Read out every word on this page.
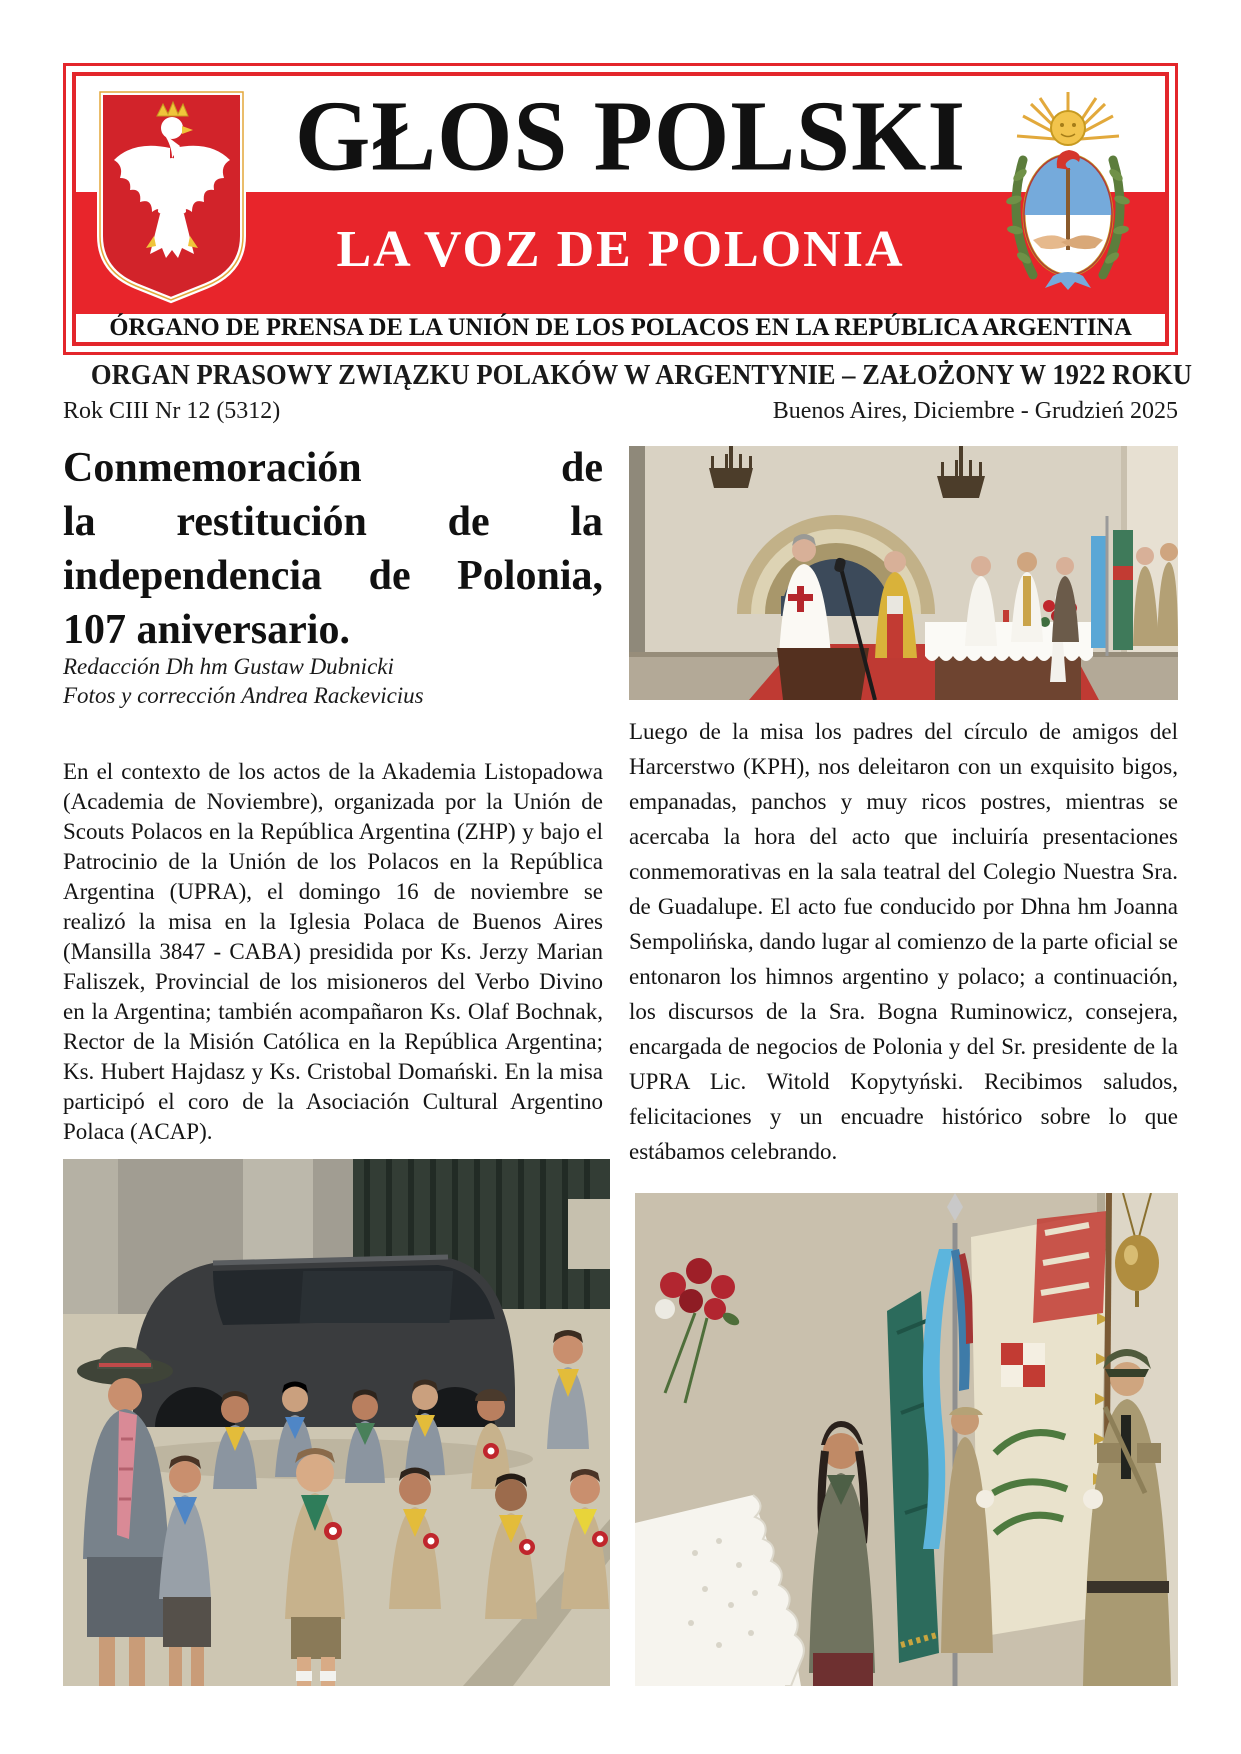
GŁOS POLSKI
LA VOZ DE POLONIA
ÓRGANO DE PRENSA DE LA UNIÓN DE LOS POLACOS EN LA REPÚBLICA ARGENTINA
ORGAN PRASOWY ZWIĄZKU POLAKÓW W ARGENTYNIE – ZAŁOŻONY W 1922 ROKU
Rok CIII Nr 12 (5312)	Buenos Aires, Diciembre - Grudzień 2025
Conmemoración de
la restitución de la
independencia de Polonia,
107 aniversario.
Redacción Dh hm Gustaw Dubnicki
Fotos y corrección Andrea Rackevicius
En el contexto de los actos de la Akademia Listopadowa (Academia de Noviembre), organizada por la Unión de Scouts Polacos en la República Argentina (ZHP) y bajo el Patrocinio de la Unión de los Polacos en la República Argentina (UPRA), el domingo 16 de noviembre se realizó la misa en la Iglesia Polaca de Buenos Aires (Mansilla 3847 - CABA) presidida por Ks. Jerzy Marian Faliszek, Provincial de los misioneros del Verbo Divino en la Argentina; también acompañaron Ks. Olaf Bochnak, Rector de la Misión Católica en la República Argentina; Ks. Hubert Hajdasz y Ks. Cristobal Domański. En la misa participó el coro de la Asociación Cultural Argentino Polaca (ACAP).
Luego de la misa los padres del círculo de amigos del Harcerstwo (KPH), nos deleitaron con un exquisito bigos, empanadas, panchos y muy ricos postres, mientras se acercaba la hora del acto que incluiría presentaciones conmemorativas en la sala teatral del Colegio Nuestra Sra. de Guadalupe. El acto fue conducido por Dhna hm Joanna Sempolińska, dando lugar al comienzo de la parte oficial se entonaron los himnos argentino y polaco; a continuación, los discursos de la Sra. Bogna Ruminowicz, consejera, encargada de negocios de Polonia y del Sr. presidente de la UPRA Lic. Witold Kopytyński. Recibimos saludos, felicitaciones y un encuadre histórico sobre lo que estábamos celebrando.
